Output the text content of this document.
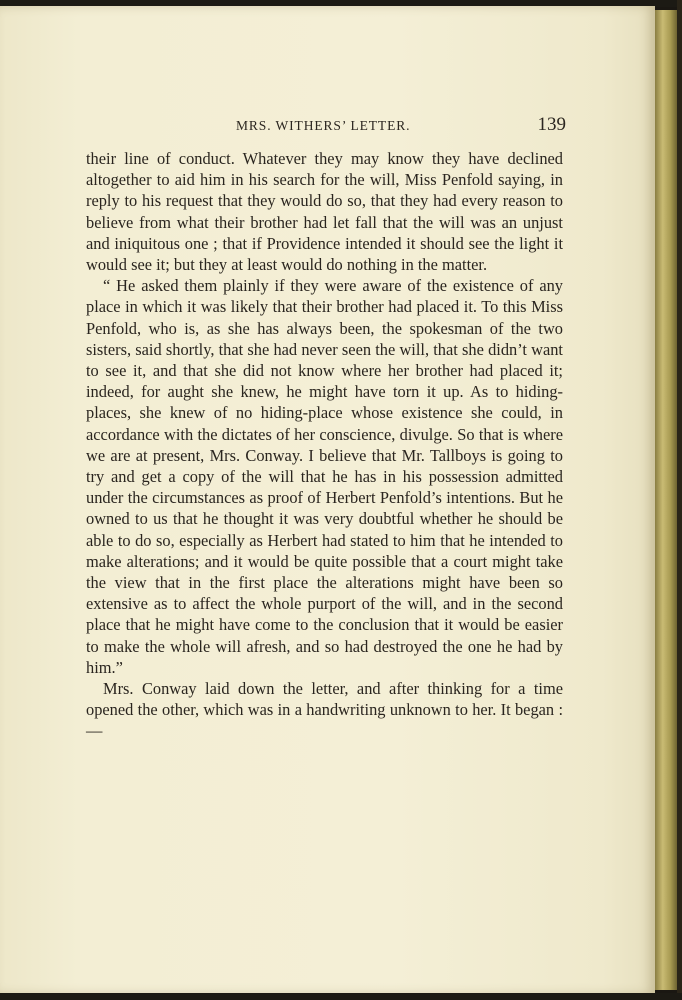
MRS. WITHERS’ LETTER.	139

their line of conduct. Whatever they may know they have declined altogether to aid him in his search for the will, Miss Penfold saying, in reply to his request that they would do so, that they had every reason to believe from what their brother had let fall that the will was an unjust and iniquitous one ; that if Providence intended it should see the light it would see it; but they at least would do nothing in the matter.

“ He asked them plainly if they were aware of the existence of any place in which it was likely that their brother had placed it. To this Miss Penfold, who is, as she has always been, the spokesman of the two sisters, said shortly, that she had never seen the will, that she didn’t want to see it, and that she did not know where her brother had placed it; indeed, for aught she knew, he might have torn it up. As to hiding-places, she knew of no hiding-place whose existence she could, in accordance with the dictates of her conscience, divulge. So that is where we are at present, Mrs. Conway. I believe that Mr. Tallboys is going to try and get a copy of the will that he has in his possession admitted under the circumstances as proof of Herbert Penfold’s intentions. But he owned to us that he thought it was very doubtful whether he should be able to do so, especially as Herbert had stated to him that he intended to make alterations; and it would be quite possible that a court might take the view that in the first place the alterations might have been so extensive as to affect the whole purport of the will, and in the second place that he might have come to the conclusion that it would be easier to make the whole will afresh, and so had destroyed the one he had by him.”

Mrs. Conway laid down the letter, and after thinking for a time opened the other, which was in a handwriting unknown to her. It began :—
